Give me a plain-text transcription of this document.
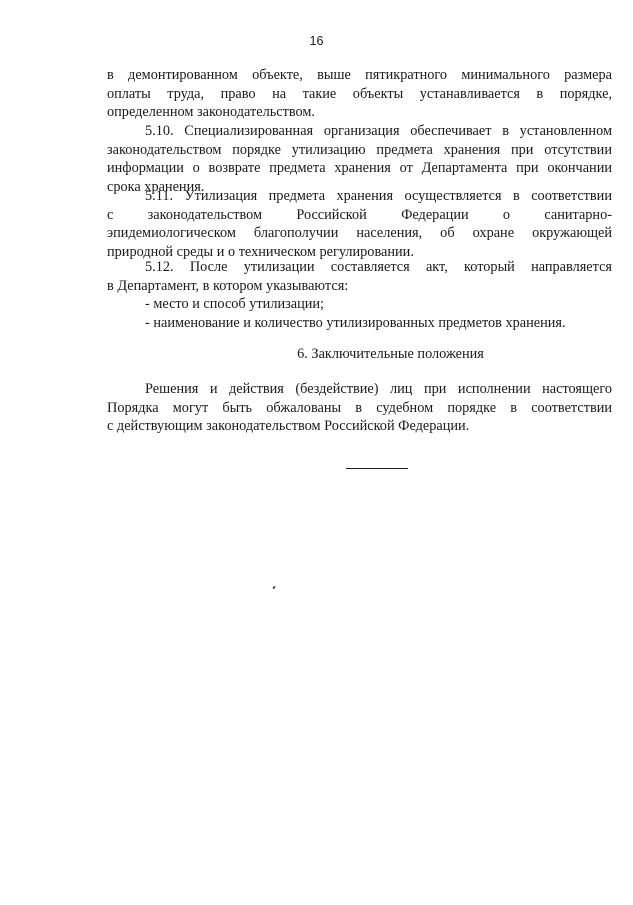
16
в демонтированном объекте, выше пятикратного минимального размера
оплаты труда, право на такие объекты устанавливается в порядке,
определенном законодательством.
5.10. Специализированная организация обеспечивает в установленном
законодательством порядке утилизацию предмета хранения при отсутствии
информации о возврате предмета хранения от Департамента при окончании
срока хранения.
5.11. Утилизация предмета хранения осуществляется в соответствии
с законодательством Российской Федерации о санитарно-
эпидемиологическом благополучии населения, об охране окружающей
природной среды и о техническом регулировании.
5.12. После утилизации составляется акт, который направляется
в Департамент, в котором указываются:
- место и способ утилизации;
- наименование и количество утилизированных предметов хранения.
6. Заключительные положения
Решения и действия (бездействие) лиц при исполнении настоящего
Порядка могут быть обжалованы в судебном порядке в соответствии
с действующим законодательством Российской Федерации.
